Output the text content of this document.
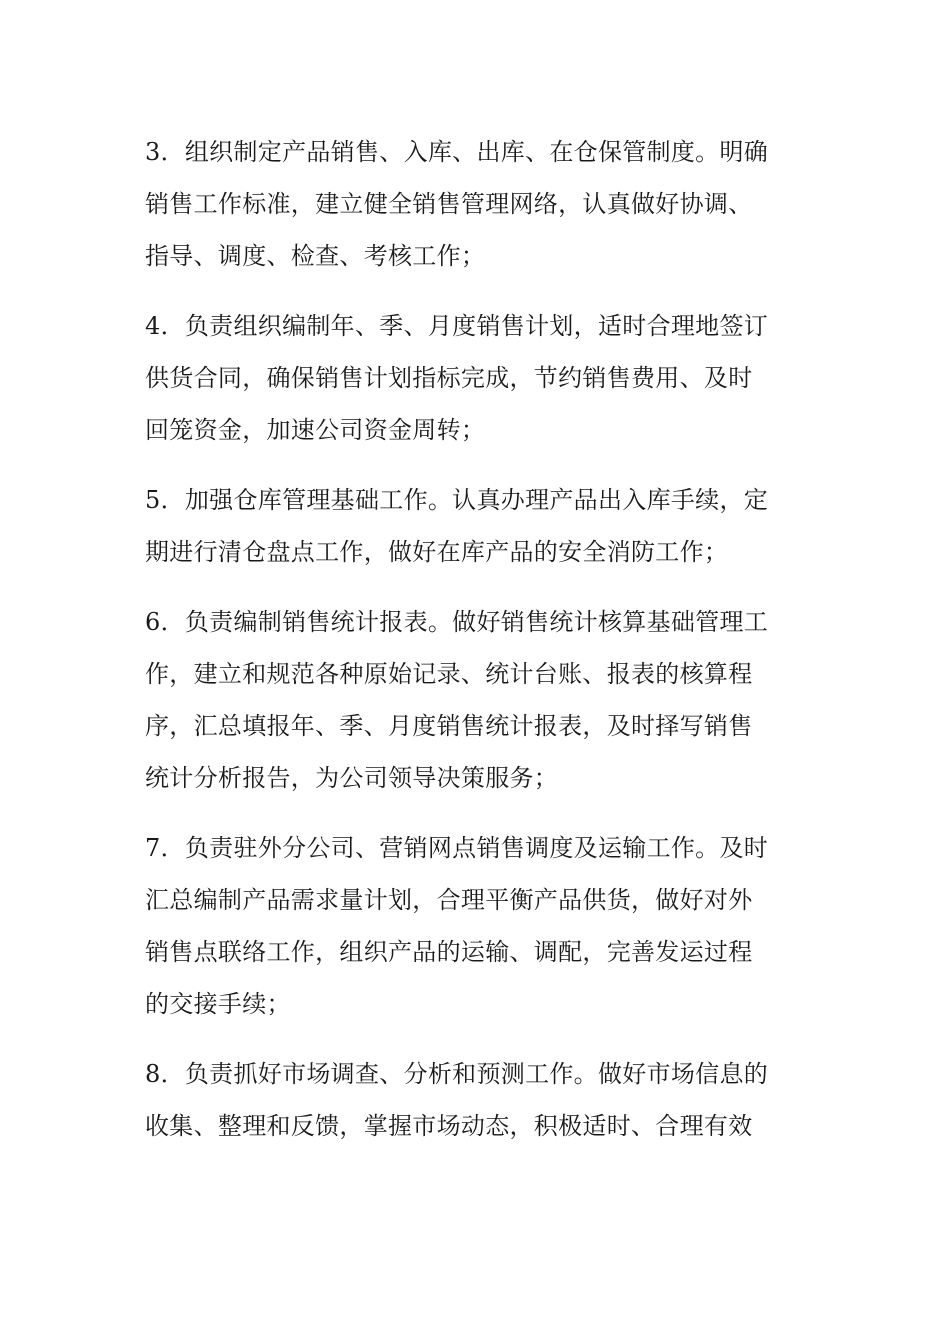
3．组织制定产品销售、入库、出库、在仓保管制度。明确
销售工作标准，建立健全销售管理网络，认真做好协调、
指导、调度、检查、考核工作；

4．负责组织编制年、季、月度销售计划，适时合理地签订
供货合同，确保销售计划指标完成，节约销售费用、及时
回笼资金，加速公司资金周转；

5．加强仓库管理基础工作。认真办理产品出入库手续，定
期进行清仓盘点工作，做好在库产品的安全消防工作；

6．负责编制销售统计报表。做好销售统计核算基础管理工
作，建立和规范各种原始记录、统计台账、报表的核算程
序，汇总填报年、季、月度销售统计报表，及时择写销售
统计分析报告，为公司领导决策服务；

7．负责驻外分公司、营销网点销售调度及运输工作。及时
汇总编制产品需求量计划，合理平衡产品供货，做好对外
销售点联络工作，组织产品的运输、调配，完善发运过程
的交接手续；

8．负责抓好市场调查、分析和预测工作。做好市场信息的
收集、整理和反馈，掌握市场动态，积极适时、合理有效
